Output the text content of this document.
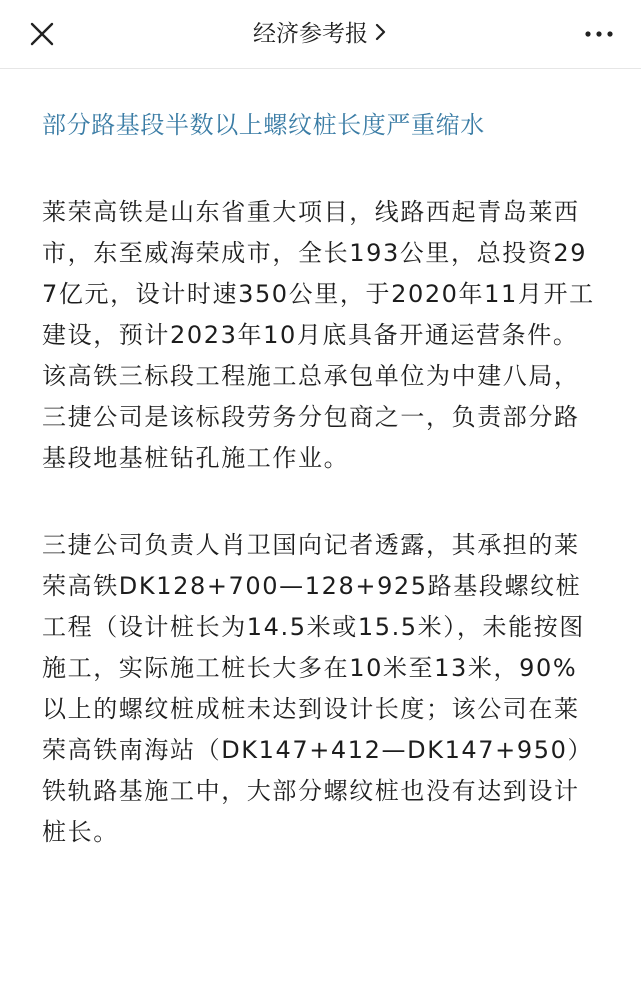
经济参考报
部分路基段半数以上螺纹桩长度严重缩水

莱荣高铁是山东省重大项目，线路西起青岛莱西市，东至威海荣成市，全长193公里，总投资297亿元，设计时速350公里，于2020年11月开工建设，预计2023年10月底具备开通运营条件。该高铁三标段工程施工总承包单位为中建八局，三捷公司是该标段劳务分包商之一，负责部分路基段地基桩钻孔施工作业。

三捷公司负责人肖卫国向记者透露，其承担的莱荣高铁DK128+700—128+925路基段螺纹桩工程（设计桩长为14.5米或15.5米），未能按图施工，实际施工桩长大多在10米至13米，90%以上的螺纹桩成桩未达到设计长度；该公司在莱荣高铁南海站（DK147+412—DK147+950）铁轨路基施工中，大部分螺纹桩也没有达到设计桩长。
